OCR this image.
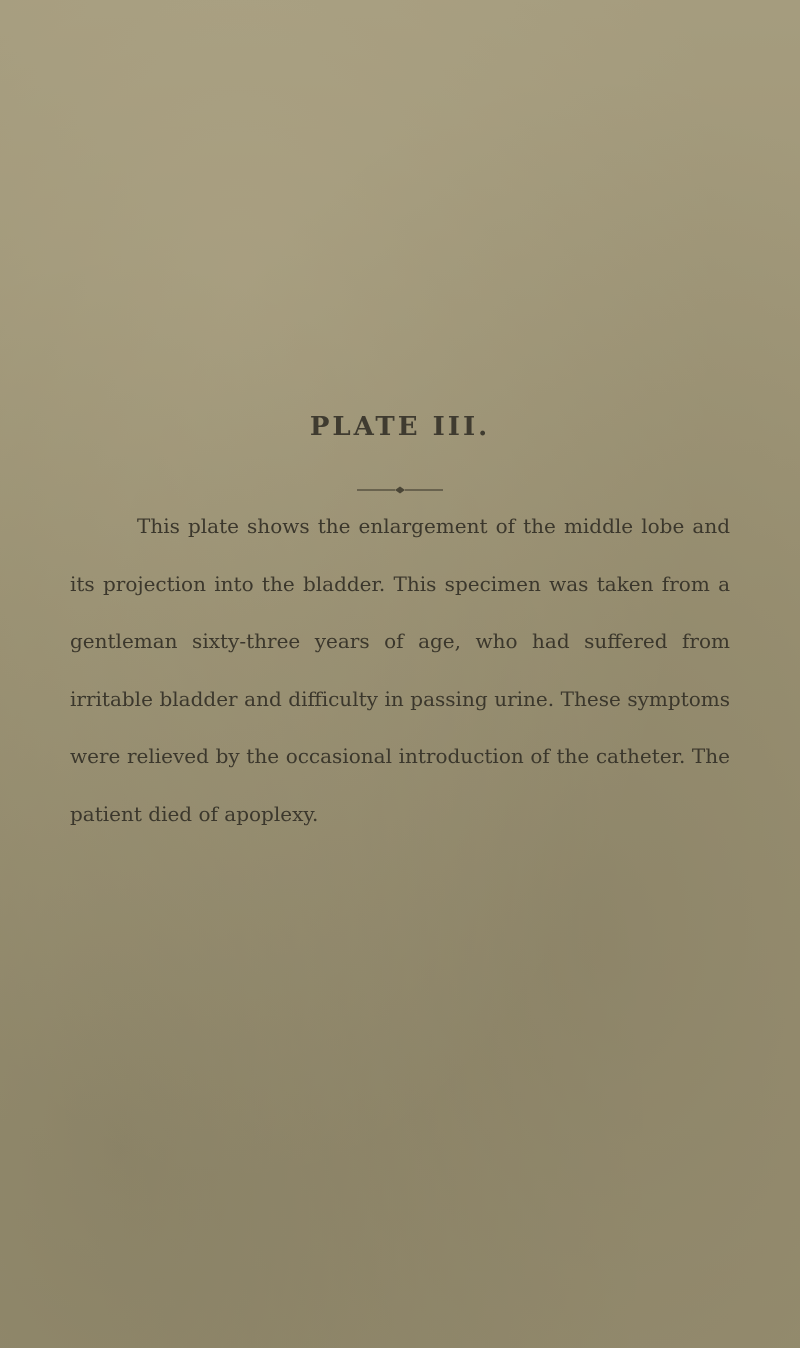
PLATE III.

This plate shows the enlargement of the middle lobe and its projection into the bladder. This specimen was taken from a gentleman sixty-three years of age, who had suffered from irritable bladder and difficulty in passing urine. These symptoms were relieved by the occasional introduction of the catheter. The patient died of apoplexy.
